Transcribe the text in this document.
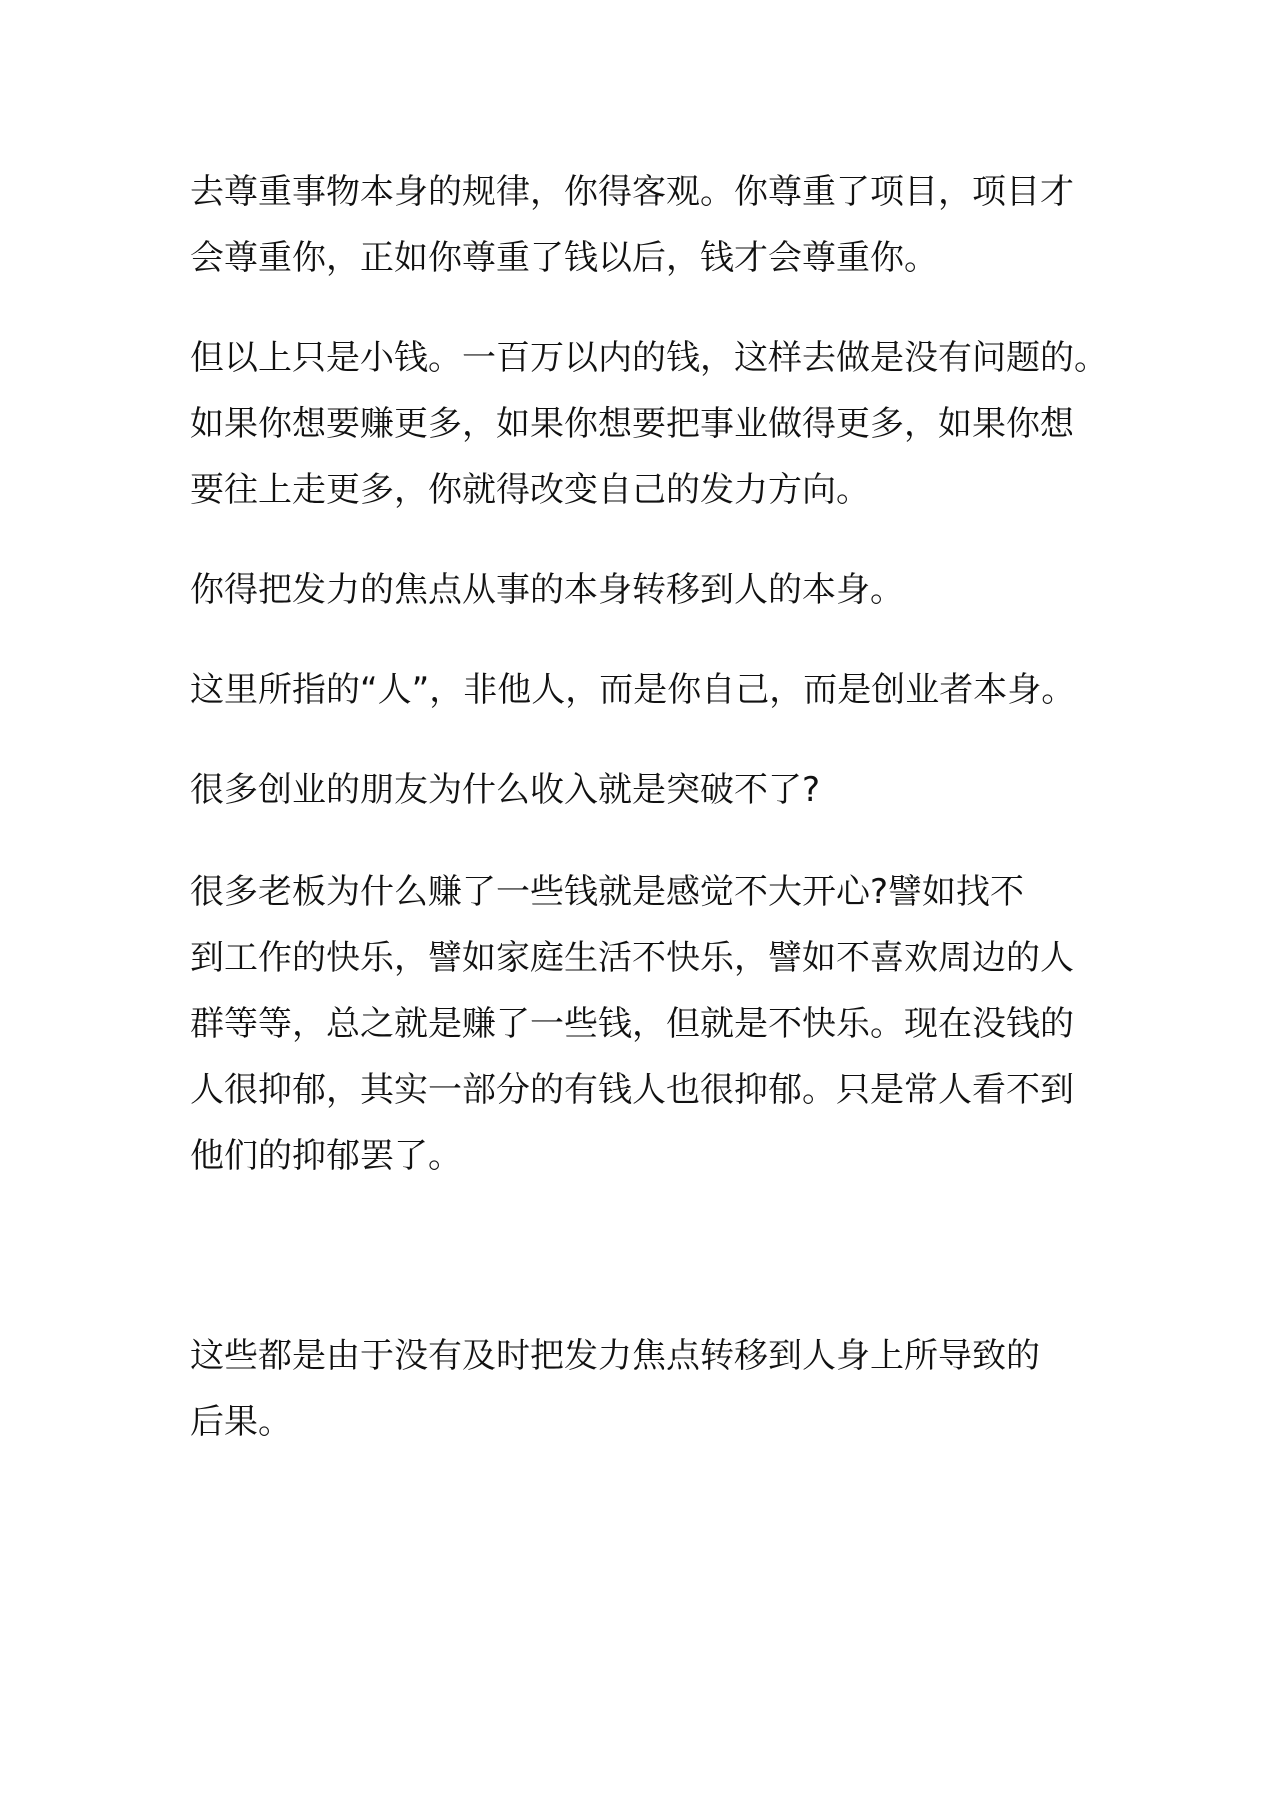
去尊重事物本身的规律，你得客观。你尊重了项目，项目才

会尊重你，正如你尊重了钱以后，钱才会尊重你。

但以上只是小钱。一百万以内的钱，这样去做是没有问题的。

如果你想要赚更多，如果你想要把事业做得更多，如果你想

要往上走更多，你就得改变自己的发力方向。

你得把发力的焦点从事的本身转移到人的本身。

这里所指的“人”，非他人，而是你自己，而是创业者本身。

很多创业的朋友为什么收入就是突破不了?

很多老板为什么赚了一些钱就是感觉不大开心?譬如找不

到工作的快乐，譬如家庭生活不快乐，譬如不喜欢周边的人

群等等，总之就是赚了一些钱，但就是不快乐。现在没钱的

人很抑郁，其实一部分的有钱人也很抑郁。只是常人看不到

他们的抑郁罢了。

这些都是由于没有及时把发力焦点转移到人身上所导致的

后果。
